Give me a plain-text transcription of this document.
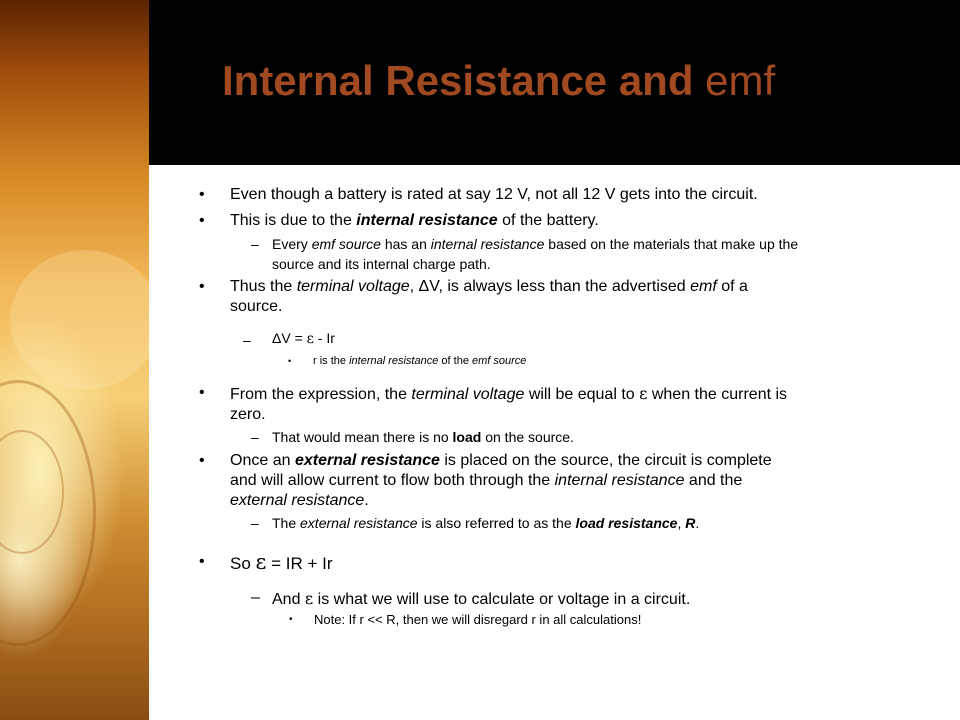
Internal Resistance and emf
• Even though a battery is rated at say 12 V, not all 12 V gets into the circuit.
• This is due to the internal resistance of the battery.
– Every emf source has an internal resistance based on the materials that make up the
source and its internal charge path.
• Thus the terminal voltage, ΔV, is always less than the advertised emf of a
source.
– ΔV = ε - Ir
• r is the internal resistance of the emf source
• From the expression, the terminal voltage will be equal to ε when the current is
zero.
– That would mean there is no load on the source.
• Once an external resistance is placed on the source, the circuit is complete
and will allow current to flow both through the internal resistance and the
external resistance.
– The external resistance is also referred to as the load resistance, R.
• So ε = IR + Ir
– And ε is what we will use to calculate or voltage in a circuit.
• Note: If r << R, then we will disregard r in all calculations!
